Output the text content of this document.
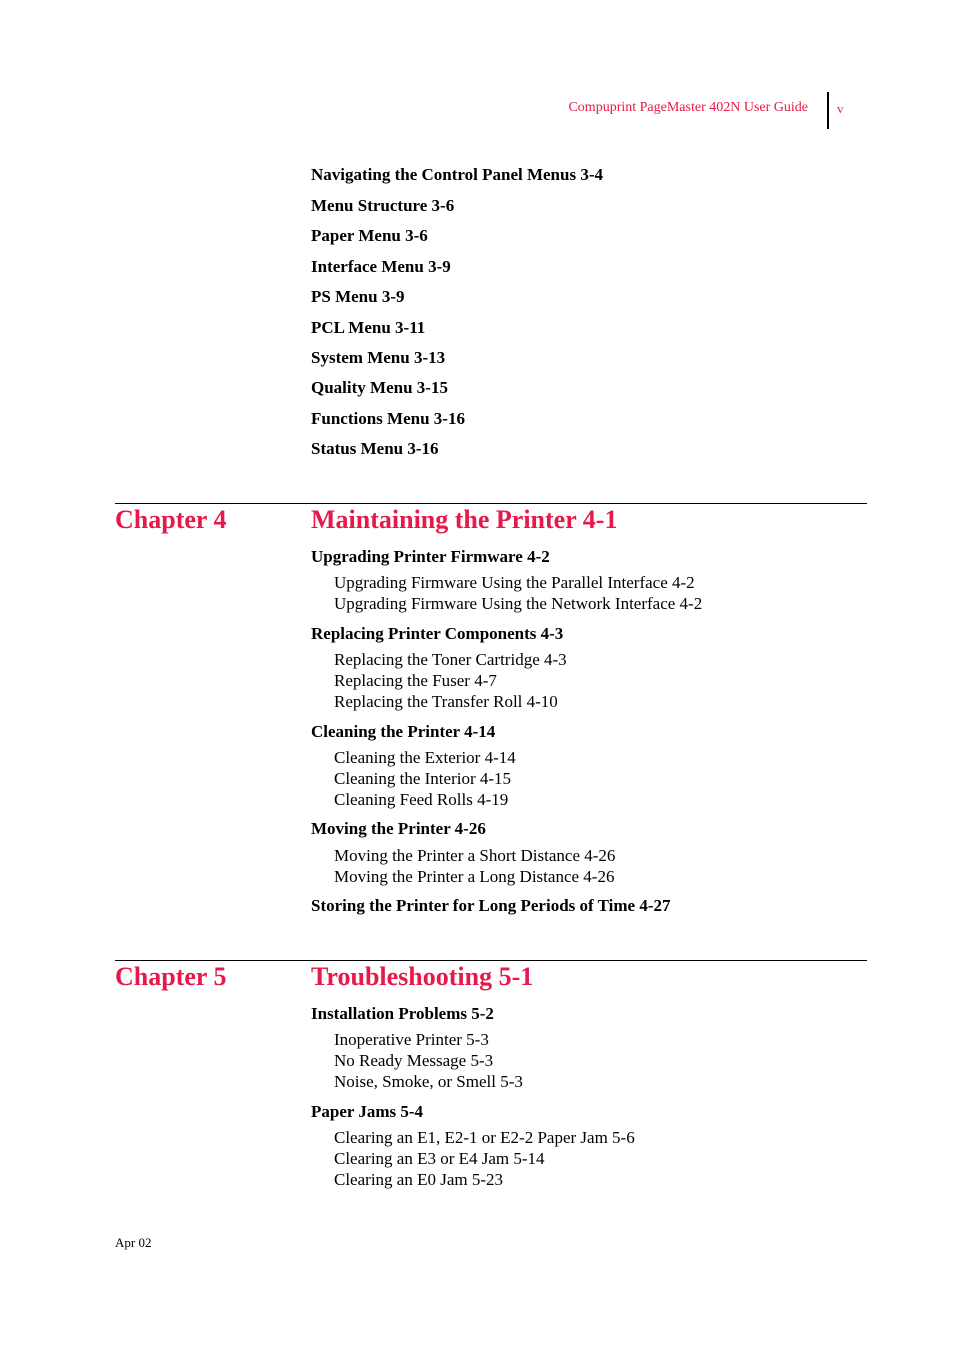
Compuprint PageMaster 402N User Guide v
Navigating the Control Panel Menus 3-4
Menu Structure 3-6
Paper Menu 3-6
Interface Menu 3-9
PS Menu 3-9
PCL Menu 3-11
System Menu 3-13
Quality Menu 3-15
Functions Menu 3-16
Status Menu 3-16
Chapter 4	Maintaining the Printer 4-1
Upgrading Printer Firmware 4-2
Upgrading Firmware Using the Parallel Interface 4-2
Upgrading Firmware Using the Network Interface 4-2
Replacing Printer Components 4-3
Replacing the Toner Cartridge 4-3
Replacing the Fuser 4-7
Replacing the Transfer Roll 4-10
Cleaning the Printer 4-14
Cleaning the Exterior 4-14
Cleaning the Interior 4-15
Cleaning Feed Rolls 4-19
Moving the Printer 4-26
Moving the Printer a Short Distance 4-26
Moving the Printer a Long Distance 4-26
Storing the Printer for Long Periods of Time 4-27
Chapter 5	Troubleshooting 5-1
Installation Problems 5-2
Inoperative Printer 5-3
No Ready Message 5-3
Noise, Smoke, or Smell 5-3
Paper Jams 5-4
Clearing an E1, E2-1 or E2-2 Paper Jam 5-6
Clearing an E3 or E4 Jam 5-14
Clearing an E0 Jam 5-23
Apr 02
